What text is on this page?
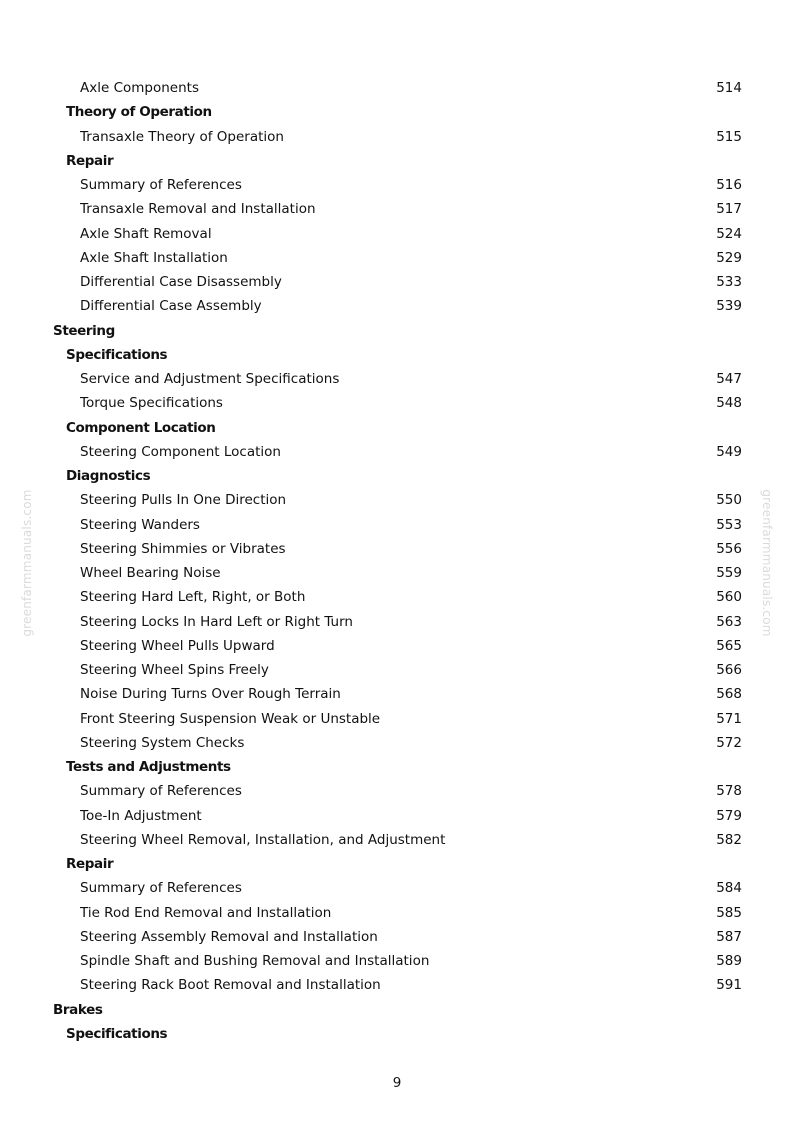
Axle Components	514
Theory of Operation
Transaxle Theory of Operation	515
Repair
Summary of References	516
Transaxle Removal and Installation	517
Axle Shaft Removal	524
Axle Shaft Installation	529
Differential Case Disassembly	533
Differential Case Assembly	539
Steering
Specifications
Service and Adjustment Specifications	547
Torque Specifications	548
Component Location
Steering Component Location	549
Diagnostics
Steering Pulls In One Direction	550
Steering Wanders	553
Steering Shimmies or Vibrates	556
Wheel Bearing Noise	559
Steering Hard Left, Right, or Both	560
Steering Locks In Hard Left or Right Turn	563
Steering Wheel Pulls Upward	565
Steering Wheel Spins Freely	566
Noise During Turns Over Rough Terrain	568
Front Steering Suspension Weak or Unstable	571
Steering System Checks	572
Tests and Adjustments
Summary of References	578
Toe-In Adjustment	579
Steering Wheel Removal, Installation, and Adjustment	582
Repair
Summary of References	584
Tie Rod End Removal and Installation	585
Steering Assembly Removal and Installation	587
Spindle Shaft and Bushing Removal and Installation	589
Steering Rack Boot Removal and Installation	591
Brakes
Specifications
greenfarmmanuals.com	greenfarmmanuals.com
9
